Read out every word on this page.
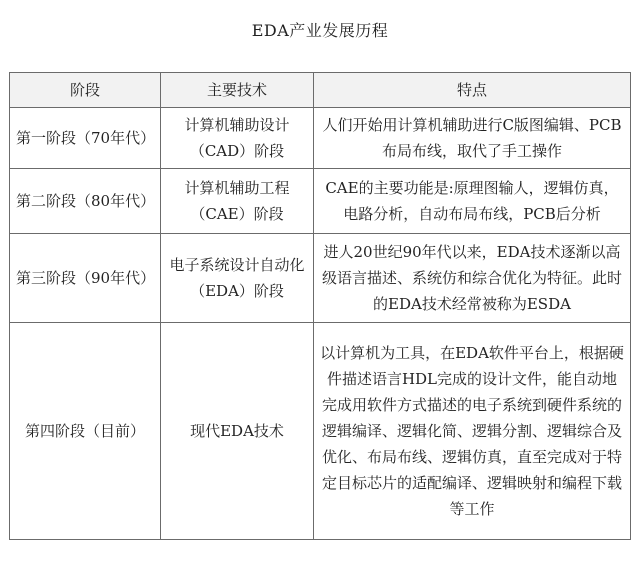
EDA产业发展历程
阶段	主要技术	特点
第一阶段（70年代）	计算机辅助设计（CAD）阶段	人们开始用计算机辅助进行C版图编辑、PCB布局布线，取代了手工操作
第二阶段（80年代）	计算机辅助工程（CAE）阶段	CAE的主要功能是:原理图输人，逻辑仿真，电路分析，自动布局布线，PCB后分析
第三阶段（90年代）	电子系统设计自动化（EDA）阶段	进人20世纪90年代以来，EDA技术逐渐以高级语言描述、系统仿和综合优化为特征。此时的EDA技术经常被称为ESDA
第四阶段（目前）	现代EDA技术	以计算机为工具，在EDA软件平台上，根据硬件描述语言HDL完成的设计文件，能自动地完成用软件方式描述的电子系统到硬件系统的逻辑编译、逻辑化简、逻辑分割、逻辑综合及优化、布局布线、逻辑仿真，直至完成对于特定目标芯片的适配编译、逻辑映射和编程下载等工作
